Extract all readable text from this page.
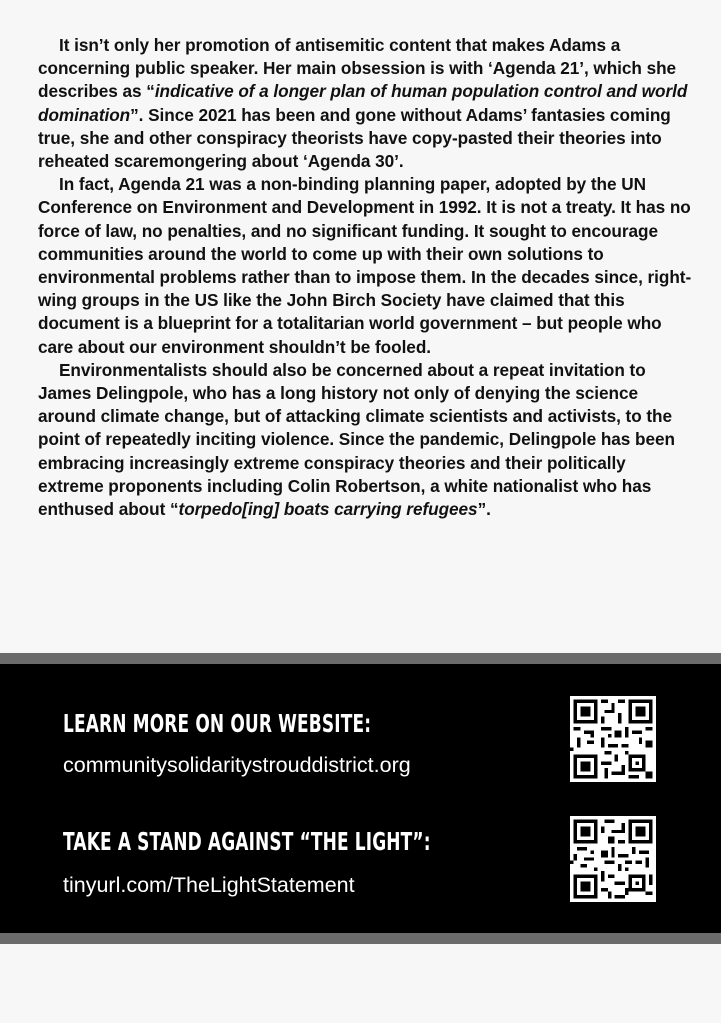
It isn’t only her promotion of antisemitic content that makes Adams a concerning public speaker. Her main obsession is with ‘Agenda 21’, which she describes as “indicative of a longer plan of human population control and world domination”. Since 2021 has been and gone without Adams’ fantasies coming true, she and other conspiracy theorists have copy-pasted their theories into reheated scaremongering about ‘Agenda 30’.

In fact, Agenda 21 was a non-binding planning paper, adopted by the UN Conference on Environment and Development in 1992. It is not a treaty. It has no force of law, no penalties, and no significant funding. It sought to encourage communities around the world to come up with their own solutions to environmental problems rather than to impose them. In the decades since, right-wing groups in the US like the John Birch Society have claimed that this document is a blueprint for a totalitarian world government – but people who care about our environment shouldn’t be fooled.

Environmentalists should also be concerned about a repeat invitation to James Delingpole, who has a long history not only of denying the science around climate change, but of attacking climate scientists and activists, to the point of repeatedly inciting violence. Since the pandemic, Delingpole has been embracing increasingly extreme conspiracy theories and their politically extreme proponents including Colin Robertson, a white nationalist who has enthused about “torpedo[ing] boats carrying refugees”.

LEARN MORE ON OUR WEBSITE:
communitysolidaritystrouddistrict.org
TAKE A STAND AGAINST “THE LIGHT”:
tinyurl.com/TheLightStatement
